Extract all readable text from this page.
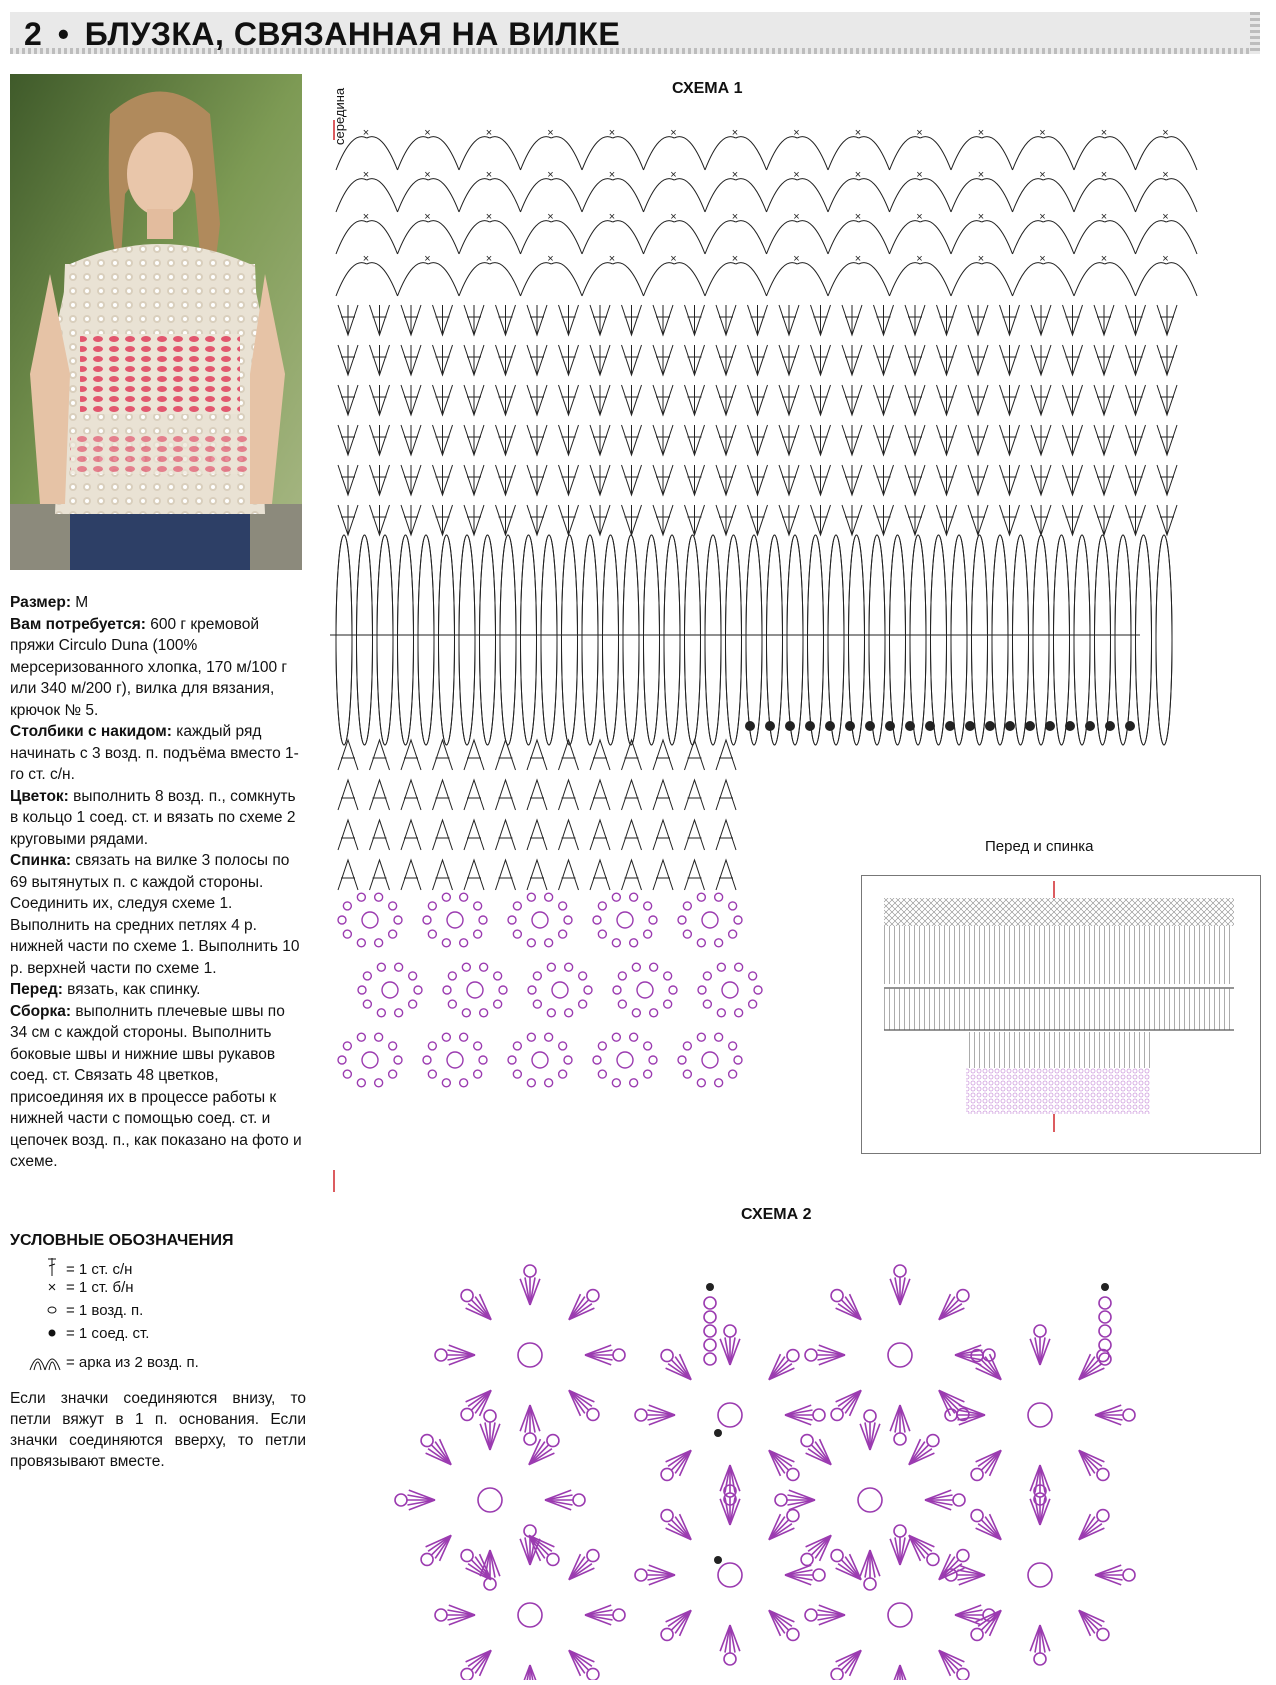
2 • БЛУЗКА, СВЯЗАННАЯ НА ВИЛКЕ
Размер: М
Вам потребуется: 600 г кремовой пряжи Circulo Duna (100% мерсеризованного хлопка, 170 м/100 г или 340 м/200 г), вилка для вязания, крючок № 5.
Столбики с накидом: каждый ряд начинать с 3 возд. п. подъёма вместо 1-го ст. с/н.
Цветок: выполнить 8 возд. п., сомкнуть в кольцо 1 соед. ст. и вязать по схеме 2 круговыми рядами.
Спинка: связать на вилке 3 полосы по 69 вытянутых п. с каждой стороны. Соединить их, следуя схеме 1. Выполнить на средних петлях 4 р. нижней части по схеме 1. Выполнить 10 р. верхней части по схеме 1.
Перед: вязать, как спинку.
Сборка: выполнить плечевые швы по 34 см с каждой стороны. Выполнить боковые швы и нижние швы рукавов соед. ст. Связать 48 цветков, присоединяя их в процессе работы к нижней части с помощью соед. ст. и цепочек возд. п., как показано на фото и схеме.
УСЛОВНЫЕ ОБОЗНАЧЕНИЯ
= 1 ст. с/н
× = 1 ст. б/н
= 1 возд. п.
= 1 соед. ст.
= арка из 2 возд. п.
Если значки соединяются внизу, то петли вяжут в 1 п. основания. Если значки соединяются вверху, то петли провязывают вместе.
СХЕМА 1
середина ×	×	×	×	×	×	×	×	×	×	×	×	×	×
×	×	×	×	×	×	×	×	×	×	×	×	×	×
×	×	×	×	×	×	×	×	×	×	×	×	×	×
×	×	×	×	×	×	×	×	×	×	×	×	×	×
Перед и спинка
СХЕМА 2
